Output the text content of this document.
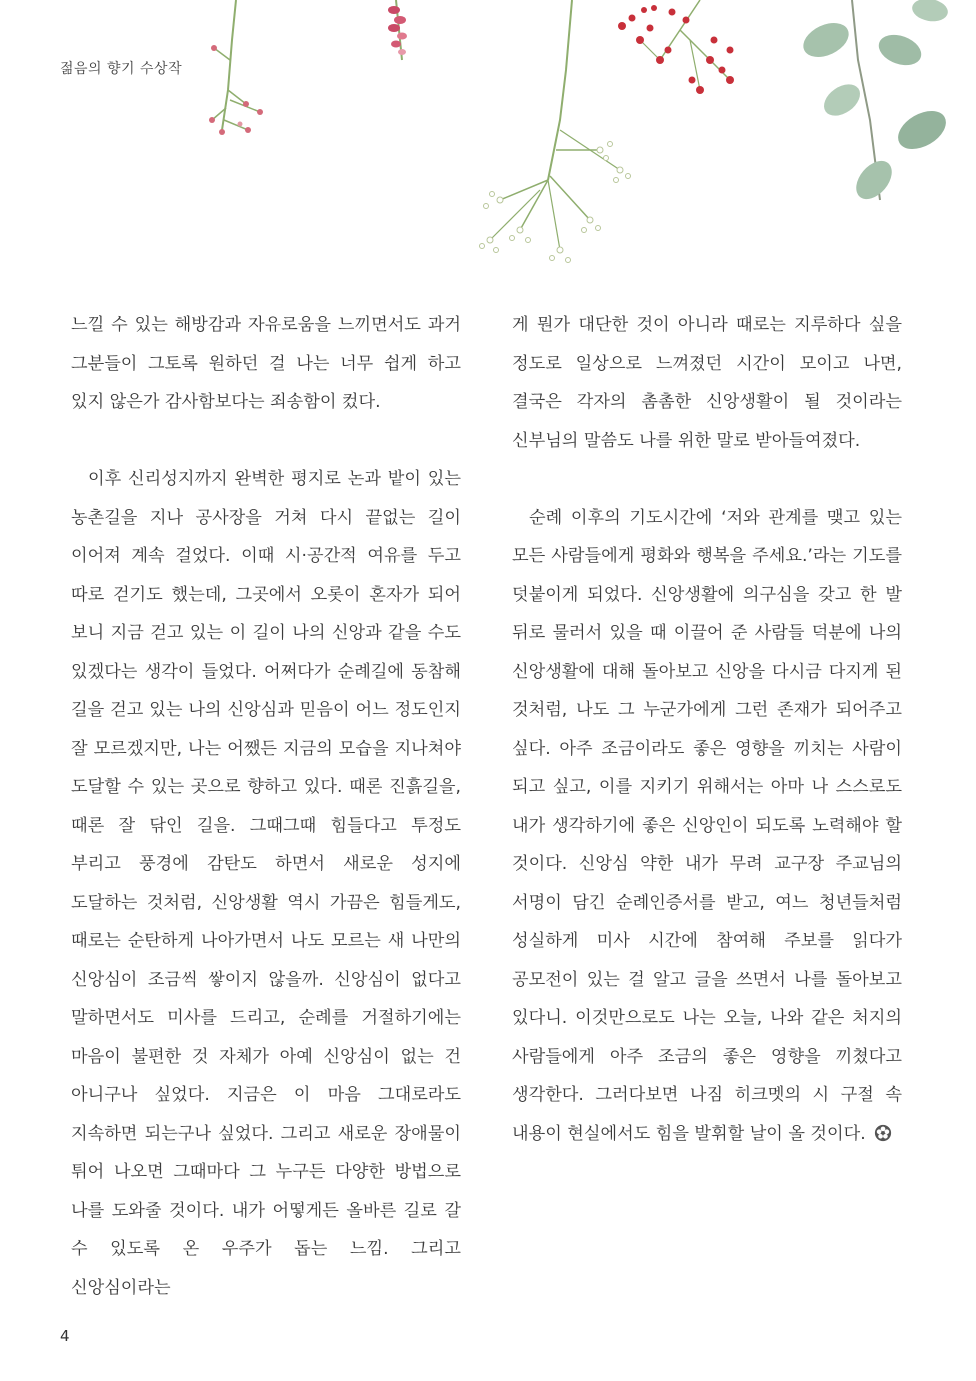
젊음의 향기 수상작

느낄 수 있는 해방감과 자유로움을 느끼면서도 과거 그분들이 그토록 원하던 걸 나는 너무 쉽게 하고 있지 않은가 감사함보다는 죄송함이 컸다.

이후 신리성지까지 완벽한 평지로 논과 밭이 있는 농촌길을 지나 공사장을 거쳐 다시 끝없는 길이 이어져 계속 걸었다. 이때 시·공간적 여유를 두고 따로 걷기도 했는데, 그곳에서 오롯이 혼자가 되어 보니 지금 걷고 있는 이 길이 나의 신앙과 같을 수도 있겠다는 생각이 들었다. 어쩌다가 순례길에 동참해 길을 걷고 있는 나의 신앙심과 믿음이 어느 정도인지 잘 모르겠지만, 나는 어쨌든 지금의 모습을 지나쳐야 도달할 수 있는 곳으로 향하고 있다. 때론 진흙길을, 때론 잘 닦인 길을. 그때그때 힘들다고 투정도 부리고 풍경에 감탄도 하면서 새로운 성지에 도달하는 것처럼, 신앙생활 역시 가끔은 힘들게도, 때로는 순탄하게 나아가면서 나도 모르는 새 나만의 신앙심이 조금씩 쌓이지 않을까. 신앙심이 없다고 말하면서도 미사를 드리고, 순례를 거절하기에는 마음이 불편한 것 자체가 아예 신앙심이 없는 건 아니구나 싶었다. 지금은 이 마음 그대로라도 지속하면 되는구나 싶었다. 그리고 새로운 장애물이 튀어 나오면 그때마다 그 누구든 다양한 방법으로 나를 도와줄 것이다. 내가 어떻게든 올바른 길로 갈 수 있도록 온 우주가 돕는 느낌. 그리고 신앙심이라는

게 뭔가 대단한 것이 아니라 때로는 지루하다 싶을 정도로 일상으로 느껴졌던 시간이 모이고 나면, 결국은 각자의 촘촘한 신앙생활이 될 것이라는 신부님의 말씀도 나를 위한 말로 받아들여졌다.

순례 이후의 기도시간에 ‘저와 관계를 맺고 있는 모든 사람들에게 평화와 행복을 주세요.’라는 기도를 덧붙이게 되었다. 신앙생활에 의구심을 갖고 한 발 뒤로 물러서 있을 때 이끌어 준 사람들 덕분에 나의 신앙생활에 대해 돌아보고 신앙을 다시금 다지게 된 것처럼, 나도 그 누군가에게 그런 존재가 되어주고 싶다. 아주 조금이라도 좋은 영향을 끼치는 사람이 되고 싶고, 이를 지키기 위해서는 아마 나 스스로도 내가 생각하기에 좋은 신앙인이 되도록 노력해야 할 것이다. 신앙심 약한 내가 무려 교구장 주교님의 서명이 담긴 순례인증서를 받고, 여느 청년들처럼 성실하게 미사 시간에 참여해 주보를 읽다가 공모전이 있는 걸 알고 글을 쓰면서 나를 돌아보고 있다니. 이것만으로도 나는 오늘, 나와 같은 처지의 사람들에게 아주 조금의 좋은 영향을 끼쳤다고 생각한다. 그러다보면 나짐 히크멧의 시 구절 속 내용이 현실에서도 힘을 발휘할 날이 올 것이다.

4
